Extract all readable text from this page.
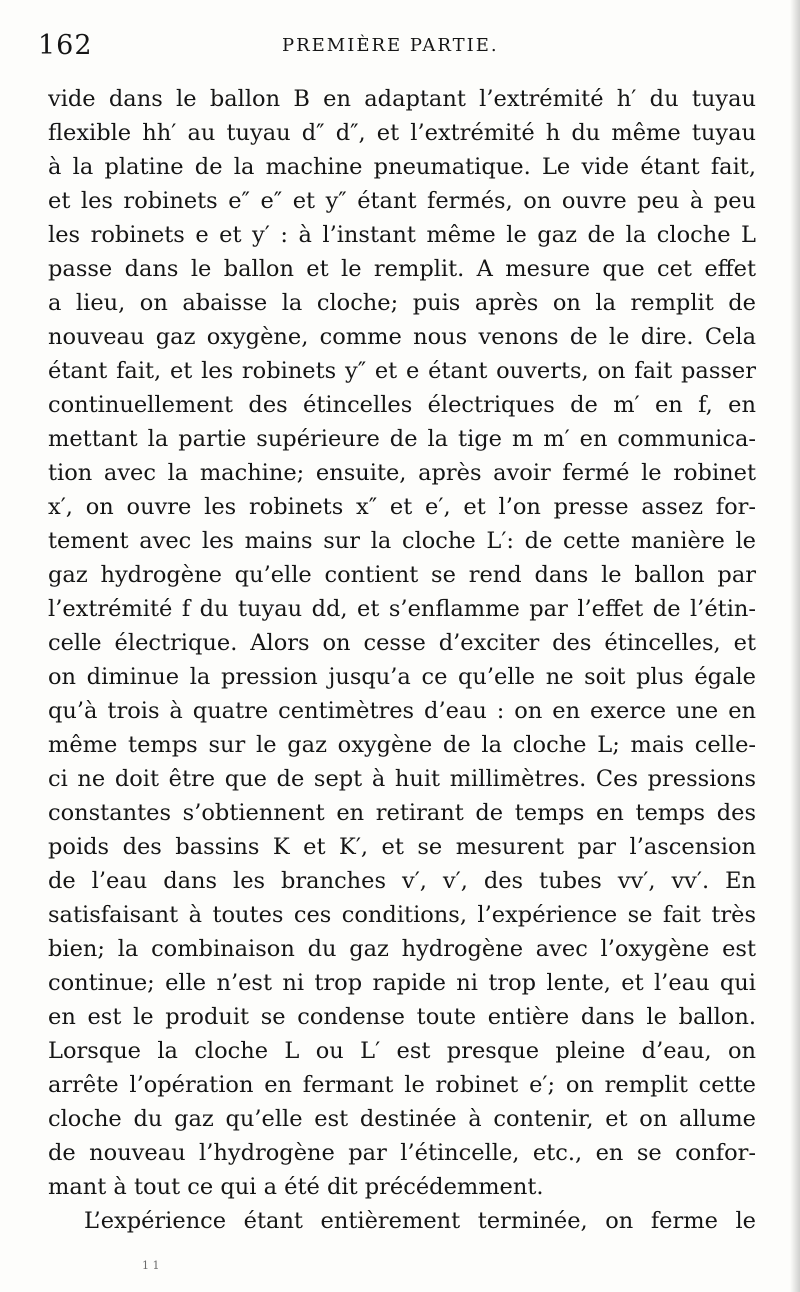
162	PREMIÈRE PARTIE.
vide dans le ballon B en adaptant l’extrémité h′ du tuyau
flexible hh′ au tuyau d″ d″, et l’extrémité h du même tuyau
à la platine de la machine pneumatique. Le vide étant fait,
et les robinets e″ e″ et y″ étant fermés, on ouvre peu à peu
les robinets e et y′ : à l’instant même le gaz de la cloche L
passe dans le ballon et le remplit. A mesure que cet effet
a lieu, on abaisse la cloche; puis après on la remplit de
nouveau gaz oxygène, comme nous venons de le dire. Cela
étant fait, et les robinets y″ et e étant ouverts, on fait passer
continuellement des étincelles électriques de m′ en f, en
mettant la partie supérieure de la tige m m′ en communica-
tion avec la machine; ensuite, après avoir fermé le robinet
x′, on ouvre les robinets x″ et e′, et l’on presse assez for-
tement avec les mains sur la cloche L′: de cette manière le
gaz hydrogène qu’elle contient se rend dans le ballon par
l’extrémité f du tuyau dd, et s’enflamme par l’effet de l’étin-
celle électrique. Alors on cesse d’exciter des étincelles, et
on diminue la pression jusqu’a ce qu’elle ne soit plus égale
qu’à trois à quatre centimètres d’eau : on en exerce une en
même temps sur le gaz oxygène de la cloche L; mais celle-
ci ne doit être que de sept à huit millimètres. Ces pressions
constantes s’obtiennent en retirant de temps en temps des
poids des bassins K et K′, et se mesurent par l’ascension
de l’eau dans les branches v′, v′, des tubes vv′, vv′. En
satisfaisant à toutes ces conditions, l’expérience se fait très
bien; la combinaison du gaz hydrogène avec l’oxygène est
continue; elle n’est ni trop rapide ni trop lente, et l’eau qui
en est le produit se condense toute entière dans le ballon.
Lorsque la cloche L ou L′ est presque pleine d’eau, on
arrête l’opération en fermant le robinet e′; on remplit cette
cloche du gaz qu’elle est destinée à contenir, et on allume
de nouveau l’hydrogène par l’étincelle, etc., en se confor-
mant à tout ce qui a été dit précédemment.
L’expérience étant entièrement terminée, on ferme le
1 1
